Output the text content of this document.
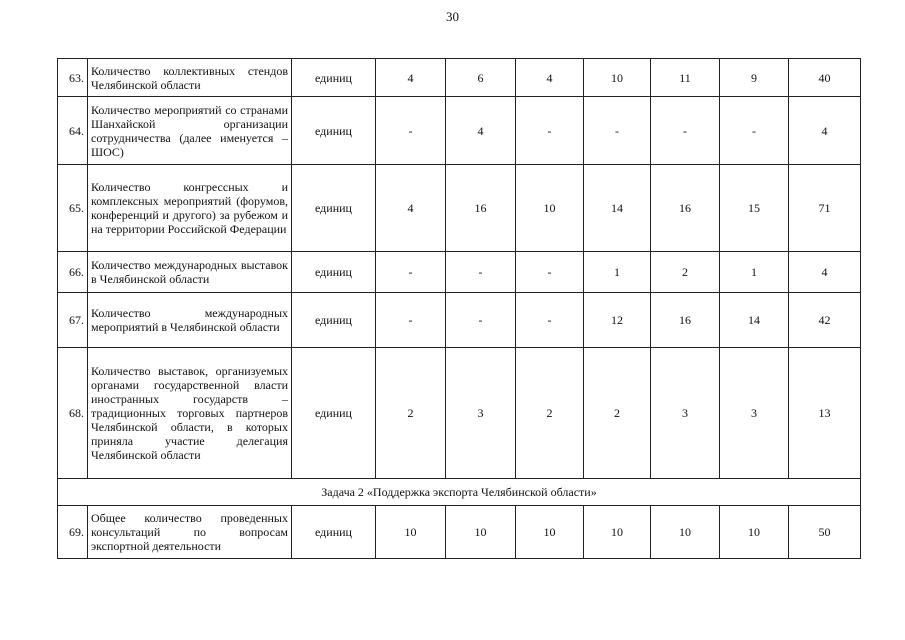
30
63.	Количество коллективных стендов Челябинской области	единиц	4	6	4	10	11	9	40
64.	Количество мероприятий со странами Шанхайской организации сотрудничества (далее именуется – ШОС)	единиц	-	4	-	-	-	-	4
65.	Количество конгрессных и комплексных мероприятий (форумов, конференций и другого) за рубежом и на территории Российской Федерации	единиц	4	16	10	14	16	15	71
66.	Количество международных выставок в Челябинской области	единиц	-	-	-	1	2	1	4
67.	Количество международных мероприятий в Челябинской области	единиц	-	-	-	12	16	14	42
68.	Количество выставок, организуемых органами государственной власти иностранных государств – традиционных торговых партнеров Челябинской области, в которых приняла участие делегация Челябинской области	единиц	2	3	2	2	3	3	13
Задача 2 «Поддержка экспорта Челябинской области»									
69.	Общее количество проведенных консультаций по вопросам экспортной деятельности	единиц	10	10	10	10	10	10	50
